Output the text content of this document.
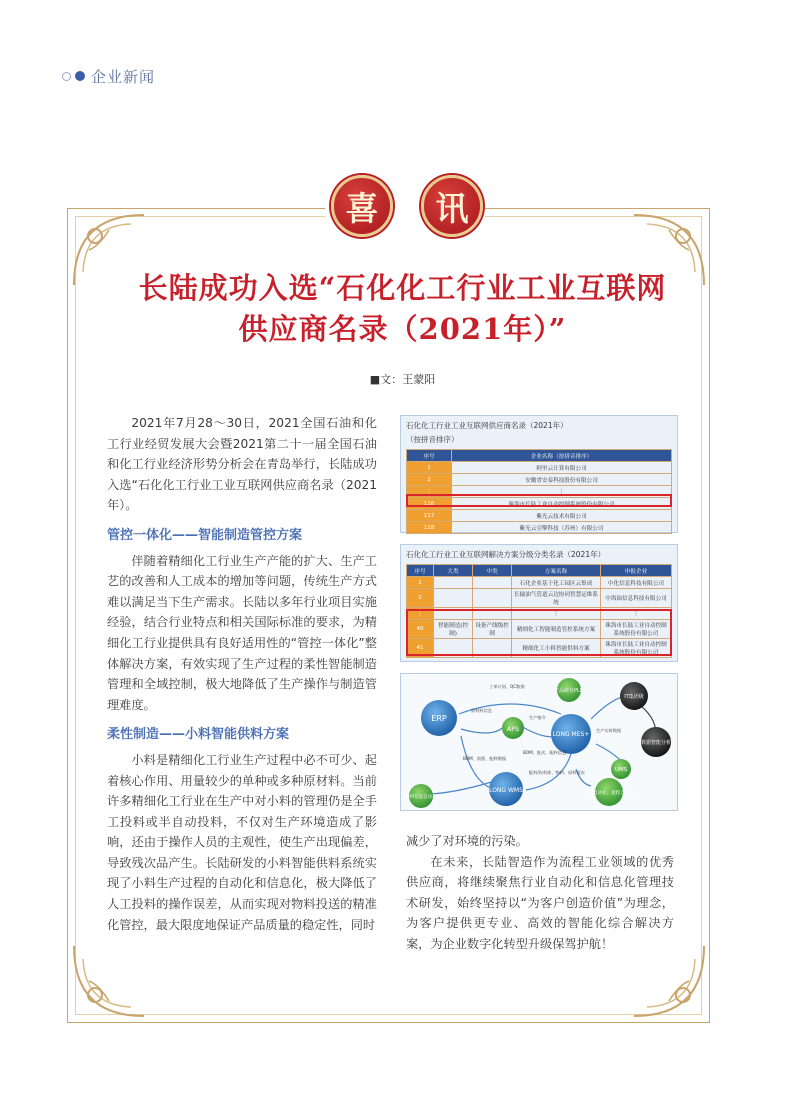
企业新闻
喜	讯
长陆成功入选“石化化工行业工业互联网
供应商名录（2021年）”
■文：王蒙阳

2021年7月28～30日，2021全国石油和化工行业经贸发展大会暨2021第二十一届全国石油和化工行业经济形势分析会在青岛举行，长陆成功入选“石化化工行业工业互联网供应商名录（2021年）。

管控一体化——智能制造管控方案

伴随着精细化工行业生产产能的扩大、生产工艺的改善和人工成本的增加等问题，传统生产方式难以满足当下生产需求。长陆以多年行业项目实施经验，结合行业特点和相关国际标准的要求，为精细化工行业提供具有良好适用性的“管控一体化”整体解决方案，有效实现了生产过程的柔性智能制造管理和全域控制，极大地降低了生产操作与制造管理难度。

柔性制造——小料智能供料方案

小料是精细化工行业生产过程中必不可少、起着核心作用、用量较少的单种或多种原材料。当前许多精细化工行业在生产中对小料的管理仍是全手工投料或半自动投料，不仅对生产环境造成了影响，还由于操作人员的主观性，使生产出现偏差，导致残次品产生。长陆研发的小料智能供料系统实现了小料生产过程的自动化和信息化，极大降低了人工投料的操作误差，从而实现对物料投送的精准化管控，最大限度地保证产品质量的稳定性，同时

石化化工行业工业互联网供应商名录（2021年）
（按拼音排序）
序号	企业名称（按拼音排序）
1	阿里云计算有限公司
2	安徽省安泰科技股份有限公司
⋮	⋮
116	珠海市长陆工业自动控制系统股份有限公司
117	紫光云技术有限公司
118	紫光云引擎科技（苏州）有限公司
石化化工行业工业互联网解决方案分级分类名录（2021年）
序号	大类	中类	方案名称	申报企业
1			石化企业基于化工园区云集成	中化信息科技有限公司
2			长输油气管道云边协同智慧运维系统	中海油信息科技有限公司
⋮			⋮	⋮
40	智能制造(控制)	设备产线级控制	精细化工智能制造管控系统方案	珠海市长陆工业自动控制系统股份有限公司
41			精细化工小料智能供料方案	珠海市长陆工业自动控制系统股份有限公司
ERP
APS
LONG MES+
LONG WMS
产品研发PLM
IT集团级
数据智能分析
UMS
生产自动化、流程自动化
物料信息自动化
工单计划、QC数据
生产实时数据
原材料信息
BOM、批次、配料信息
生产指令
BOM、流程、配料数据
配料/投料准、物料、原料批次

减少了对环境的污染。

在未来，长陆智造作为流程工业领域的优秀供应商，将继续聚焦行业自动化和信息化管理技术研发，始终坚持以“为客户创造价值”为理念，为客户提供更专业、高效的智能化综合解决方案，为企业数字化转型升级保驾护航！
